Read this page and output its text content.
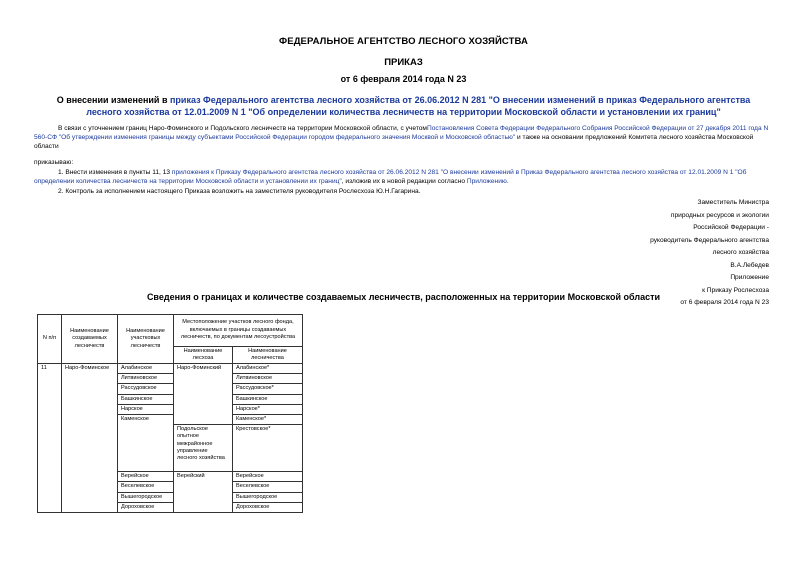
ФЕДЕРАЛЬНОЕ АГЕНТСТВО ЛЕСНОГО ХОЗЯЙСТВА
ПРИКАЗ
от 6 февраля 2014 года N 23
О внесении изменений в приказ Федерального агентства лесного хозяйства от 26.06.2012 N 281 "О внесении изменений в приказ Федерального агентства лесного хозяйства от 12.01.2009 N 1 "Об определении количества лесничеств на территории Московской области и установлении их границ"
В связи с уточнением границ Наро-Фоминского и Подольского лесничеств на территории Московской области, с учетомПостановления Совета Федерации Федерального Собрания Российской Федерации от 27 декабря 2011 года N 560-СФ "Об утверждении изменения границы между субъектами Российской Федерации городом федерального значения Москвой и Московской областью" и также на основании предложений Комитета лесного хозяйства Московской области
приказываю:
1. Внести изменения в пункты 11, 13 приложения к Приказу Федерального агентства лесного хозяйства от 26.06.2012 N 281 "О внесении изменений в Приказ Федерального агентства лесного хозяйства от 12.01.2009 N 1 "Об определении количества лесничеств на территории Московской области и установлении их границ", изложив их в новой редакции согласно Приложению.
2. Контроль за исполнением настоящего Приказа возложить на заместителя руководителя Рослесхоза Ю.Н.Гагарина.
Заместитель Министра
природных ресурсов и экологии
Российской Федерации -
руководитель Федерального агентства
лесного хозяйства
В.А.Лебедев
Приложение
к Приказу Рослесхоза
от 6 февраля 2014 года N 23
Сведения о границах и количестве создаваемых лесничеств, расположенных на территории Московской области
N п/п	Наименование создаваемых лесничеств	Наименование участковых лесничеств	Местоположение участков лесного фонда, включаемых в границы создаваемых лесничеств, по документам лесоустройства	
			Наименование лесхоза	Наименование лесничества
11	Наро-Фоминское	Алабинское	Наро-Фоминский	Алабинское*
		Литвиновское		Литвиновское
		Рассудовское		Рассудовское*
		Башкинское		Башкинское
		Нарское		Нарское*
		Каменское		Каменское*
			Подольское опытное межрайонное управление лесного хозяйства	Крестовское*
		Верейское	Верейский	Верейское
		Веселевское		Веселевское
		Вышегородское		Вышегородское
		Дороховское		Дороховское
